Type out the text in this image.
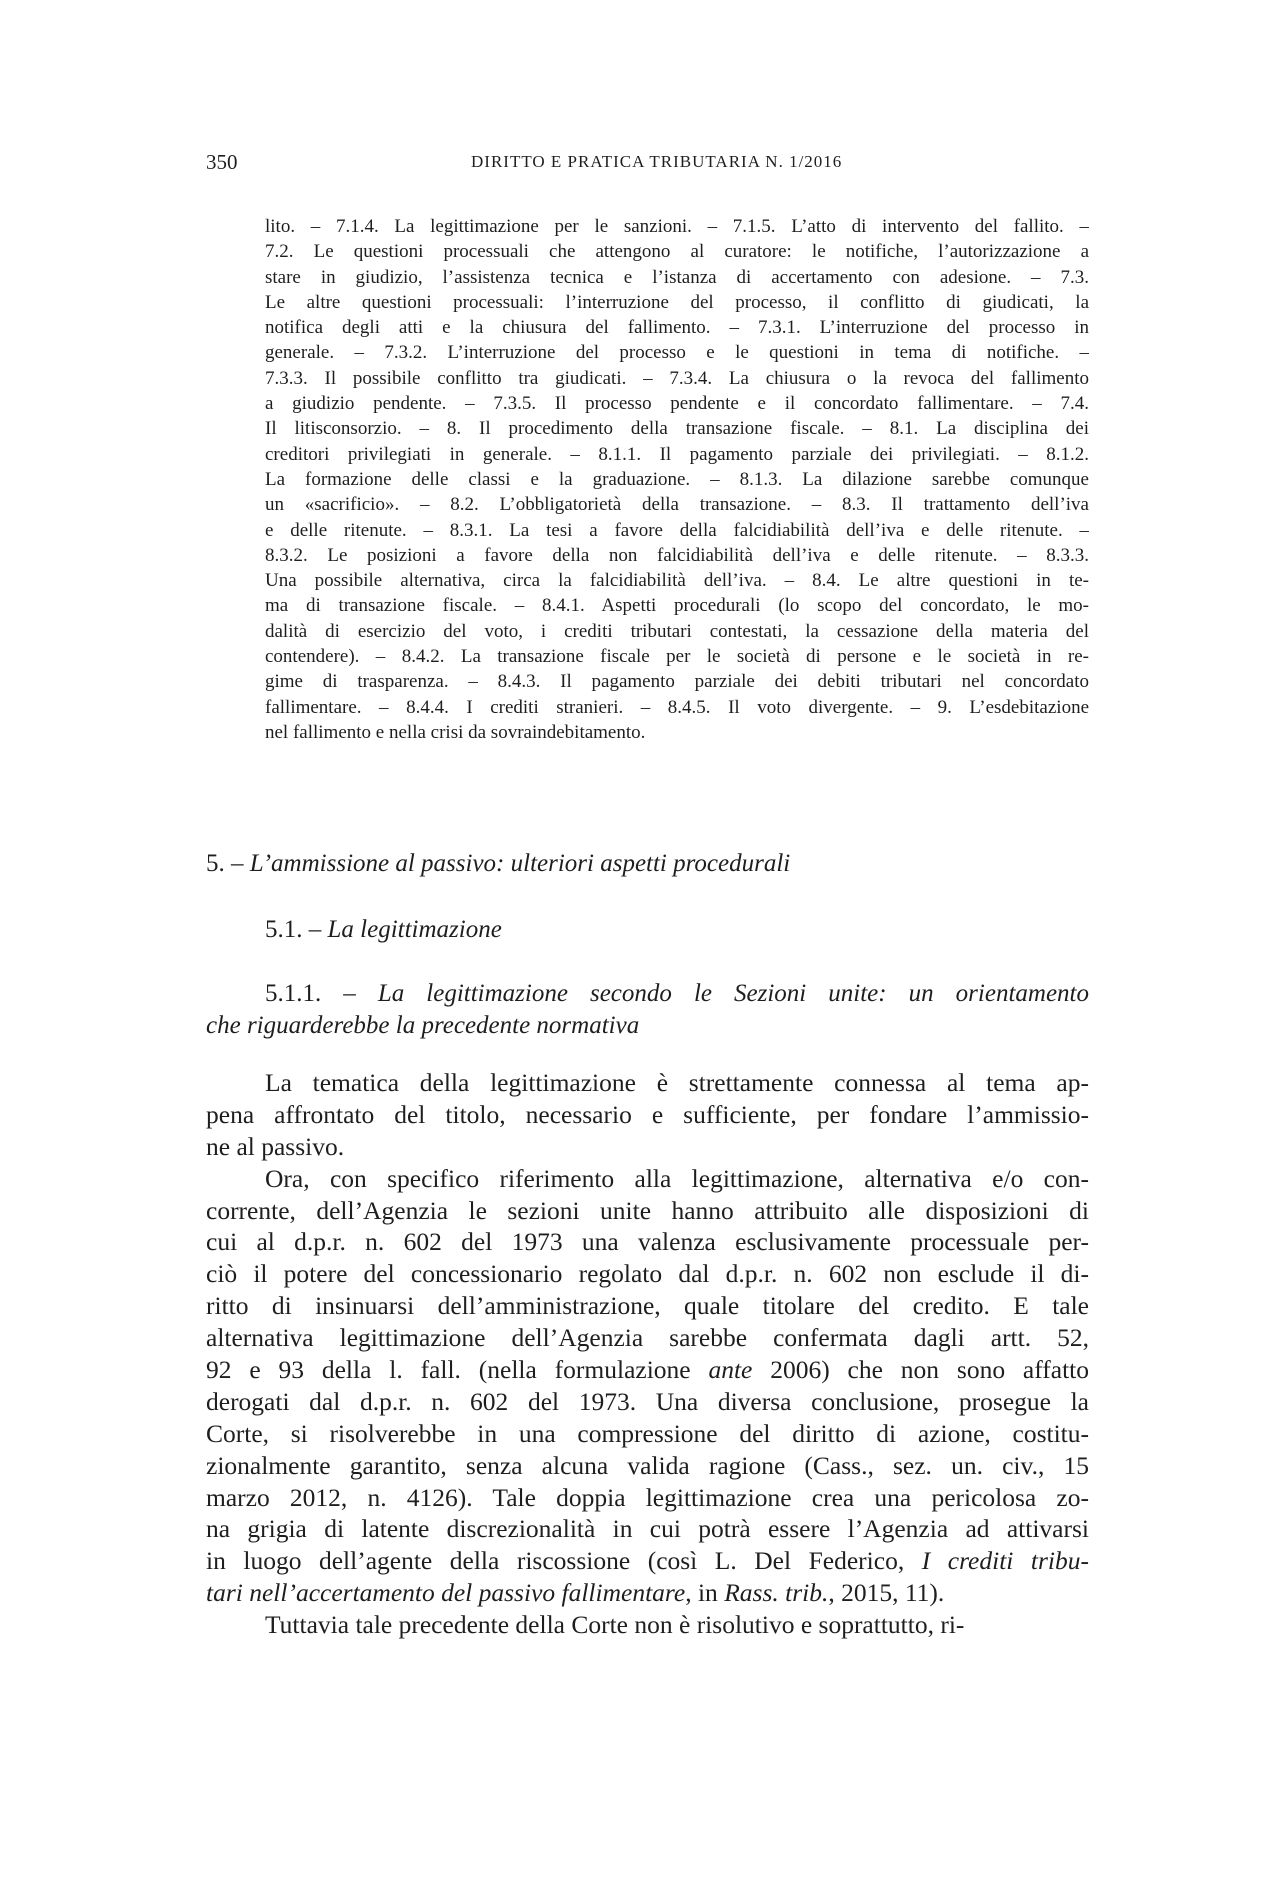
350	DIRITTO E PRATICA TRIBUTARIA N. 1/2016
lito. – 7.1.4. La legittimazione per le sanzioni. – 7.1.5. L’atto di intervento del fallito. –
7.2. Le questioni processuali che attengono al curatore: le notifiche, l’autorizzazione a
stare in giudizio, l’assistenza tecnica e l’istanza di accertamento con adesione. – 7.3.
Le altre questioni processuali: l’interruzione del processo, il conflitto di giudicati, la
notifica degli atti e la chiusura del fallimento. – 7.3.1. L’interruzione del processo in
generale. – 7.3.2. L’interruzione del processo e le questioni in tema di notifiche. –
7.3.3. Il possibile conflitto tra giudicati. – 7.3.4. La chiusura o la revoca del fallimento
a giudizio pendente. – 7.3.5. Il processo pendente e il concordato fallimentare. – 7.4.
Il litisconsorzio. – 8. Il procedimento della transazione fiscale. – 8.1. La disciplina dei
creditori privilegiati in generale. – 8.1.1. Il pagamento parziale dei privilegiati. – 8.1.2.
La formazione delle classi e la graduazione. – 8.1.3. La dilazione sarebbe comunque
un «sacrificio». – 8.2. L’obbligatorietà della transazione. – 8.3. Il trattamento dell’iva
e delle ritenute. – 8.3.1. La tesi a favore della falcidiabilità dell’iva e delle ritenute. –
8.3.2. Le posizioni a favore della non falcidiabilità dell’iva e delle ritenute. – 8.3.3.
Una possibile alternativa, circa la falcidiabilità dell’iva. – 8.4. Le altre questioni in te-
ma di transazione fiscale. – 8.4.1. Aspetti procedurali (lo scopo del concordato, le mo-
dalità di esercizio del voto, i crediti tributari contestati, la cessazione della materia del
contendere). – 8.4.2. La transazione fiscale per le società di persone e le società in re-
gime di trasparenza. – 8.4.3. Il pagamento parziale dei debiti tributari nel concordato
fallimentare. – 8.4.4. I crediti stranieri. – 8.4.5. Il voto divergente. – 9. L’esdebitazione
nel fallimento e nella crisi da sovraindebitamento.
5. – L’ammissione al passivo: ulteriori aspetti procedurali
5.1. – La legittimazione
5.1.1. – La legittimazione secondo le Sezioni unite: un orientamento
che riguarderebbe la precedente normativa
La tematica della legittimazione è strettamente connessa al tema ap-
pena affrontato del titolo, necessario e sufficiente, per fondare l’ammissio-
ne al passivo.
Ora, con specifico riferimento alla legittimazione, alternativa e/o con-
corrente, dell’Agenzia le sezioni unite hanno attribuito alle disposizioni di
cui al d.p.r. n. 602 del 1973 una valenza esclusivamente processuale per-
ciò il potere del concessionario regolato dal d.p.r. n. 602 non esclude il di-
ritto di insinuarsi dell’amministrazione, quale titolare del credito. E tale
alternativa legittimazione dell’Agenzia sarebbe confermata dagli artt. 52,
92 e 93 della l. fall. (nella formulazione ante 2006) che non sono affatto
derogati dal d.p.r. n. 602 del 1973. Una diversa conclusione, prosegue la
Corte, si risolverebbe in una compressione del diritto di azione, costitu-
zionalmente garantito, senza alcuna valida ragione (Cass., sez. un. civ., 15
marzo 2012, n. 4126). Tale doppia legittimazione crea una pericolosa zo-
na grigia di latente discrezionalità in cui potrà essere l’Agenzia ad attivarsi
in luogo dell’agente della riscossione (così L. Del Federico, I crediti tribu-
tari nell’accertamento del passivo fallimentare, in Rass. trib., 2015, 11).
Tuttavia tale precedente della Corte non è risolutivo e soprattutto, ri-
